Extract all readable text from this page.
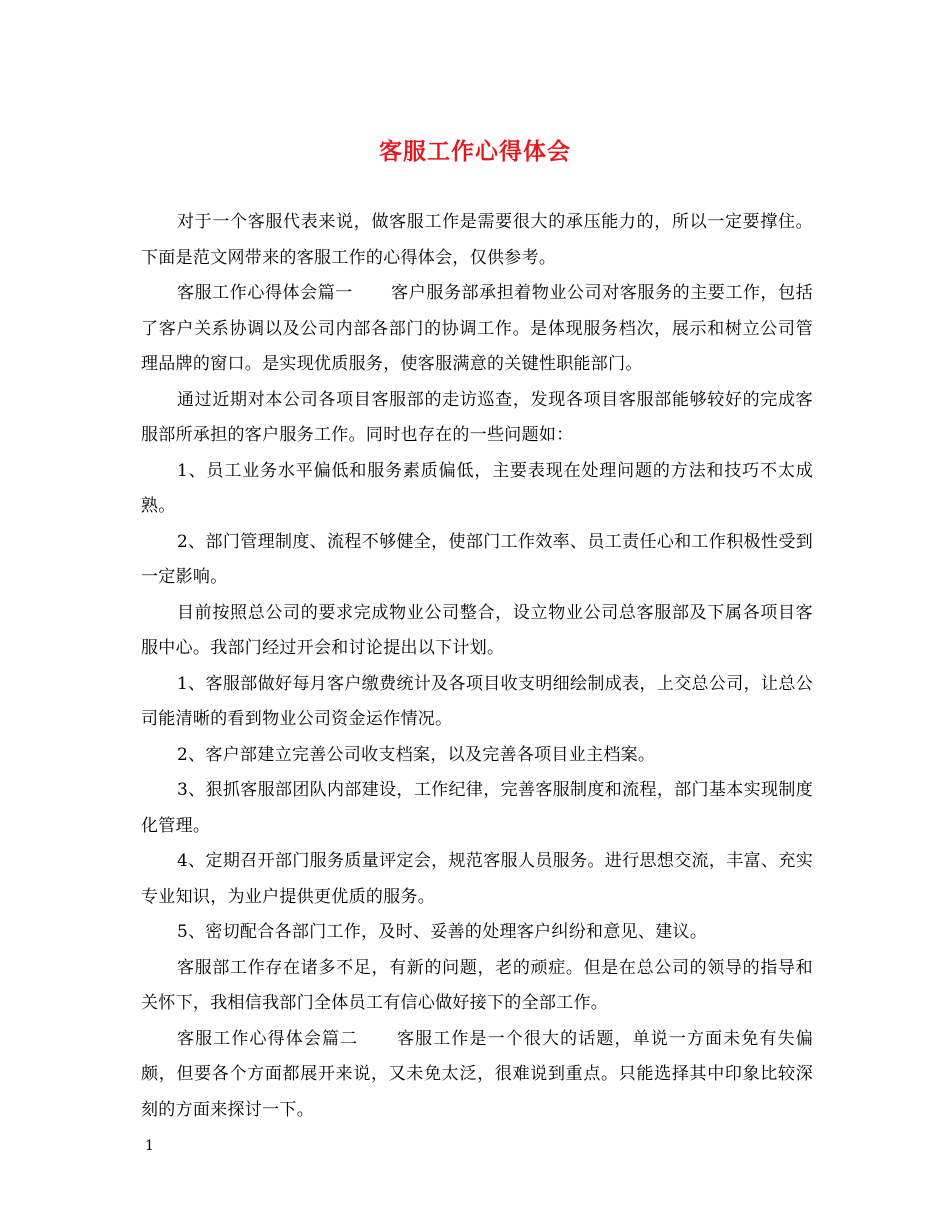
客服工作心得体会

对于一个客服代表来说，做客服工作是需要很大的承压能力的，所以一定要撑住。下面是范文网带来的客服工作的心得体会，仅供参考。

客服工作心得体会篇一 客户服务部承担着物业公司对客服务的主要工作，包括了客户关系协调以及公司内部各部门的协调工作。是体现服务档次，展示和树立公司管理品牌的窗口。是实现优质服务，使客服满意的关键性职能部门。

通过近期对本公司各项目客服部的走访巡查，发现各项目客服部能够较好的完成客服部所承担的客户服务工作。同时也存在的一些问题如：

1、员工业务水平偏低和服务素质偏低，主要表现在处理问题的方法和技巧不太成熟。

2、部门管理制度、流程不够健全，使部门工作效率、员工责任心和工作积极性受到一定影响。

目前按照总公司的要求完成物业公司整合，设立物业公司总客服部及下属各项目客服中心。我部门经过开会和讨论提出以下计划。

1、客服部做好每月客户缴费统计及各项目收支明细绘制成表，上交总公司，让总公司能清晰的看到物业公司资金运作情况。

2、客户部建立完善公司收支档案，以及完善各项目业主档案。

3、狠抓客服部团队内部建设，工作纪律，完善客服制度和流程，部门基本实现制度化管理。

4、定期召开部门服务质量评定会，规范客服人员服务。进行思想交流，丰富、充实专业知识，为业户提供更优质的服务。

5、密切配合各部门工作，及时、妥善的处理客户纠纷和意见、建议。

客服部工作存在诸多不足，有新的问题，老的顽症。但是在总公司的领导的指导和关怀下，我相信我部门全体员工有信心做好接下的全部工作。

客服工作心得体会篇二 客服工作是一个很大的话题，单说一方面未免有失偏颇，但要各个方面都展开来说，又未免太泛，很难说到重点。只能选择其中印象比较深刻的方面来探讨一下。

1
